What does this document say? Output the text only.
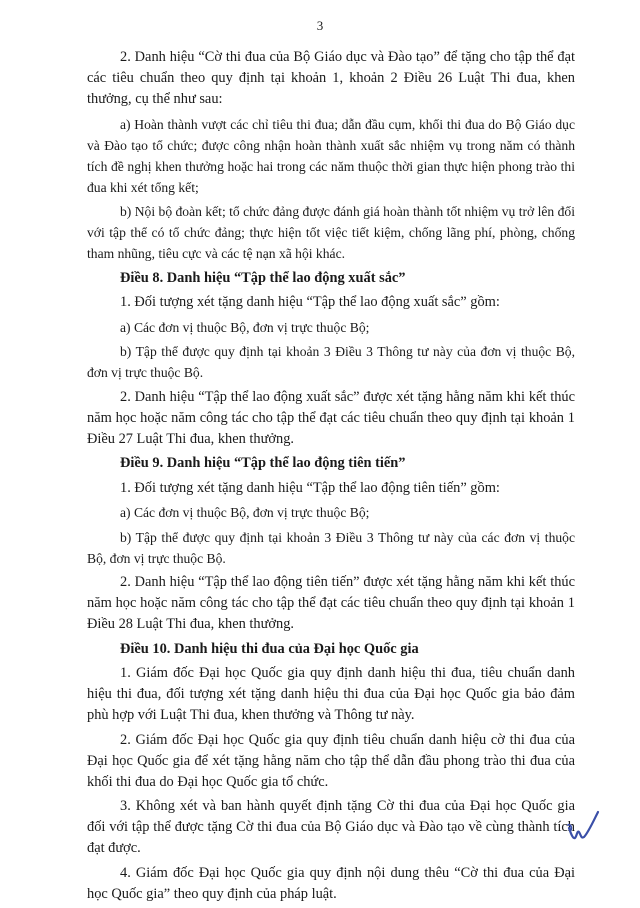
3

2. Danh hiệu “Cờ thi đua của Bộ Giáo dục và Đào tạo” để tặng cho tập thể đạt các tiêu chuẩn theo quy định tại khoản 1, khoản 2 Điều 26 Luật Thi đua, khen thưởng, cụ thể như sau:

a) Hoàn thành vượt các chỉ tiêu thi đua; dẫn đầu cụm, khối thi đua do Bộ Giáo dục và Đào tạo tổ chức; được công nhận hoàn thành xuất sắc nhiệm vụ trong năm có thành tích đề nghị khen thưởng hoặc hai trong các năm thuộc thời gian thực hiện phong trào thi đua khi xét tổng kết;

b) Nội bộ đoàn kết; tổ chức đảng được đánh giá hoàn thành tốt nhiệm vụ trở lên đối với tập thể có tổ chức đảng; thực hiện tốt việc tiết kiệm, chống lãng phí, phòng, chống tham nhũng, tiêu cực và các tệ nạn xã hội khác.

Điều 8. Danh hiệu “Tập thể lao động xuất sắc”

1. Đối tượng xét tặng danh hiệu “Tập thể lao động xuất sắc” gồm:

a) Các đơn vị thuộc Bộ, đơn vị trực thuộc Bộ;

b) Tập thể được quy định tại khoản 3 Điều 3 Thông tư này của đơn vị thuộc Bộ, đơn vị trực thuộc Bộ.

2. Danh hiệu “Tập thể lao động xuất sắc” được xét tặng hằng năm khi kết thúc năm học hoặc năm công tác cho tập thể đạt các tiêu chuẩn theo quy định tại khoản 1 Điều 27 Luật Thi đua, khen thưởng.

Điều 9. Danh hiệu “Tập thể lao động tiên tiến”

1. Đối tượng xét tặng danh hiệu “Tập thể lao động tiên tiến” gồm:

a) Các đơn vị thuộc Bộ, đơn vị trực thuộc Bộ;

b) Tập thể được quy định tại khoản 3 Điều 3 Thông tư này của các đơn vị thuộc Bộ, đơn vị trực thuộc Bộ.

2. Danh hiệu “Tập thể lao động tiên tiến” được xét tặng hằng năm khi kết thúc năm học hoặc năm công tác cho tập thể đạt các tiêu chuẩn theo quy định tại khoản 1 Điều 28 Luật Thi đua, khen thưởng.

Điều 10. Danh hiệu thi đua của Đại học Quốc gia

1. Giám đốc Đại học Quốc gia quy định danh hiệu thi đua, tiêu chuẩn danh hiệu thi đua, đối tượng xét tặng danh hiệu thi đua của Đại học Quốc gia bảo đảm phù hợp với Luật Thi đua, khen thưởng và Thông tư này.

2. Giám đốc Đại học Quốc gia quy định tiêu chuẩn danh hiệu cờ thi đua của Đại học Quốc gia để xét tặng hằng năm cho tập thể dẫn đầu phong trào thi đua của khối thi đua do Đại học Quốc gia tổ chức.

3. Không xét và ban hành quyết định tặng Cờ thi đua của Đại học Quốc gia đối với tập thể được tặng Cờ thi đua của Bộ Giáo dục và Đào tạo về cùng thành tích đạt được.

4. Giám đốc Đại học Quốc gia quy định nội dung thêu “Cờ thi đua của Đại học Quốc gia” theo quy định của pháp luật.
